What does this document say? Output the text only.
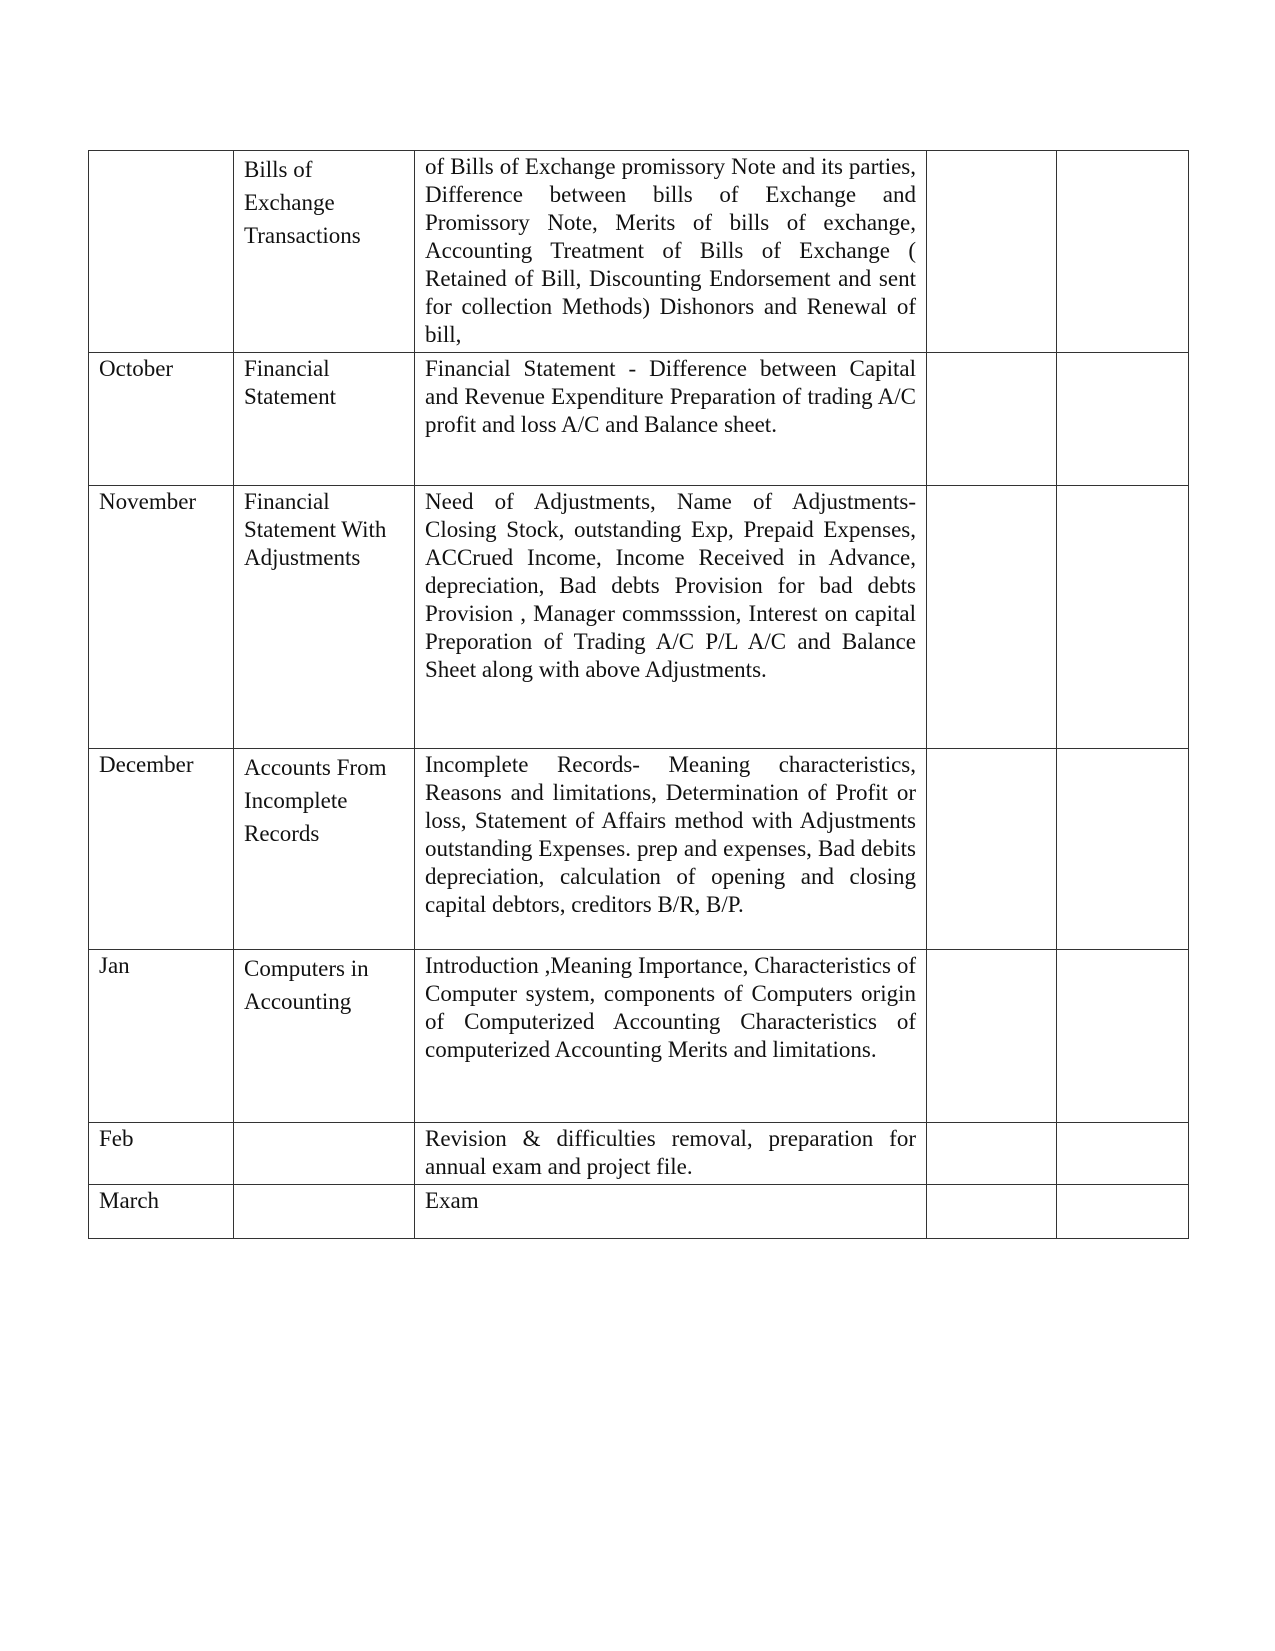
	Bills of Exchange Transactions	of Bills of Exchange promissory Note and its parties, Difference between bills of Exchange and Promissory Note, Merits of bills of exchange, Accounting Treatment of Bills of Exchange ( Retained of Bill, Discounting Endorsement and sent for collection Methods) Dishonors and Renewal of bill,		
October	Financial Statement	Financial Statement - Difference between Capital and Revenue Expenditure Preparation of trading A/C profit and loss A/C and Balance sheet.		
November	Financial Statement With Adjustments	Need of Adjustments, Name of Adjustments- Closing Stock, outstanding Exp, Prepaid Expenses, ACCrued Income, Income Received in Advance, depreciation, Bad debts Provision for bad debts Provision , Manager commsssion, Interest on capital Preporation of Trading A/C P/L A/C and Balance Sheet along with above Adjustments.		
December	Accounts From Incomplete Records	Incomplete Records- Meaning characteristics, Reasons and limitations, Determination of Profit or loss, Statement of Affairs method with Adjustments outstanding Expenses. prep and expenses, Bad debits depreciation, calculation of opening and closing capital debtors, creditors B/R, B/P.		
Jan	Computers in Accounting	Introduction ,Meaning Importance, Characteristics of Computer system, components of Computers origin of Computerized Accounting Characteristics of computerized Accounting Merits and limitations.		
Feb		Revision & difficulties removal, preparation for annual exam and project file.		
March		Exam		
